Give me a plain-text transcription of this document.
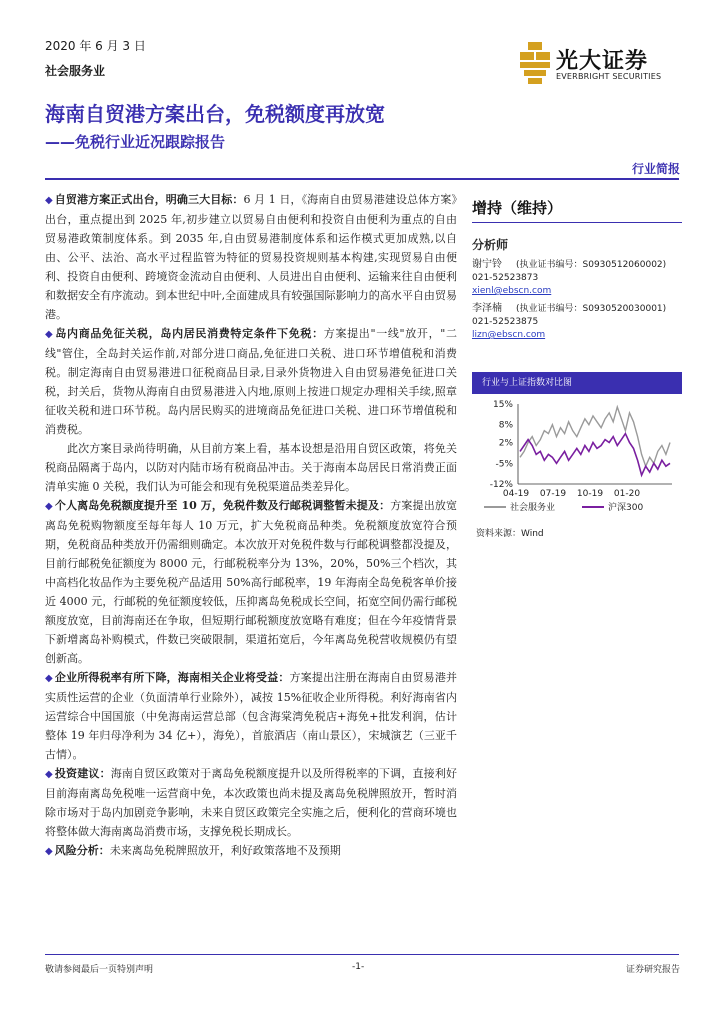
2020 年 6 月 3 日
社会服务业	光大证券
EVERBRIGHT SECURITIES
海南自贸港方案出台，免税额度再放宽
——免税行业近况跟踪报告
行业简报

◆ 自贸港方案正式出台，明确三大目标：6 月 1 日，《海南自由贸易港建设总体方案》出台，重点提出到 2025 年,初步建立以贸易自由便利和投资自由便利为重点的自由贸易港政策制度体系。到 2035 年,自由贸易港制度体系和运作模式更加成熟,以自由、公平、法治、高水平过程监管为特征的贸易投资规则基本构建,实现贸易自由便利、投资自由便利、跨境资金流动自由便利、人员进出自由便利、运输来往自由便利和数据安全有序流动。到本世纪中叶,全面建成具有较强国际影响力的高水平自由贸易港。

◆ 岛内商品免征关税，岛内居民消费特定条件下免税：方案提出"一线"放开，"二线"管住，全岛封关运作前,对部分进口商品,免征进口关税、进口环节增值税和消费税。制定海南自由贸易港进口征税商品目录,目录外货物进入自由贸易港免征进口关税，封关后，货物从海南自由贸易港进入内地,原则上按进口规定办理相关手续,照章征收关税和进口环节税。岛内居民购买的进境商品免征进口关税、进口环节增值税和消费税。

此次方案目录尚待明确，从目前方案上看，基本设想是沿用自贸区政策，将免关税商品隔离于岛内，以防对内陆市场有税商品冲击。关于海南本岛居民日常消费正面清单实施 0 关税，我们认为可能会和现有免税渠道品类差异化。

◆ 个人离岛免税额度提升至 10 万，免税件数及行邮税调整暂未提及：方案提出放宽离岛免税购物额度至每年每人 10 万元，扩大免税商品种类。免税额度放宽符合预期，免税商品种类放开仍需细则确定。本次放开对免税件数与行邮税调整都没提及，目前行邮税免征额度为 8000 元，行邮税税率分为 13%，20%，50%三个档次，其中高档化妆品作为主要免税产品适用 50%高行邮税率，19 年海南全岛免税客单价接近 4000 元，行邮税的免征额度较低，压抑离岛免税成长空间，拓宽空间仍需行邮税额度放宽，目前海南还在争取，但短期行邮税额度放宽略有难度；但在今年疫情背景下新增离岛补购模式，件数已突破限制，渠道拓宽后，今年离岛免税营收规模仍有望创新高。

◆ 企业所得税率有所下降，海南相关企业将受益：方案提出注册在海南自由贸易港并实质性运营的企业（负面清单行业除外），减按 15%征收企业所得税。利好海南省内运营综合中国国旅（中免海南运营总部（包含海棠湾免税店+海免+批发利润，估计整体 19 年归母净利为 34 亿+），海免），首旅酒店（南山景区），宋城演艺（三亚千古情）。

◆ 投资建议：海南自贸区政策对于离岛免税额度提升以及所得税率的下调，直接利好目前海南离岛免税唯一运营商中免，本次政策也尚未提及离岛免税牌照放开，暂时消除市场对于岛内加剧竞争影响，未来自贸区政策完全实施之后，便利化的营商环境也将整体做大海南离岛消费市场，支撑免税长期成长。

◆ 风险分析：未来离岛免税牌照放开，利好政策落地不及预期

增持（维持）
分析师
谢宁铃 (执业证书编号：S0930512060002)
021-52523873
xienl@ebscn.com
李泽楠 (执业证书编号：S0930520030001)
021-52523875
lizn@ebscn.com
行业与上证指数对比图
15%
8%
2%
-5%
-12%
04-19 07-19 10-19 01-20
社会服务业	沪深300
资料来源：Wind
敬请参阅最后一页特别声明	-1-	证券研究报告
